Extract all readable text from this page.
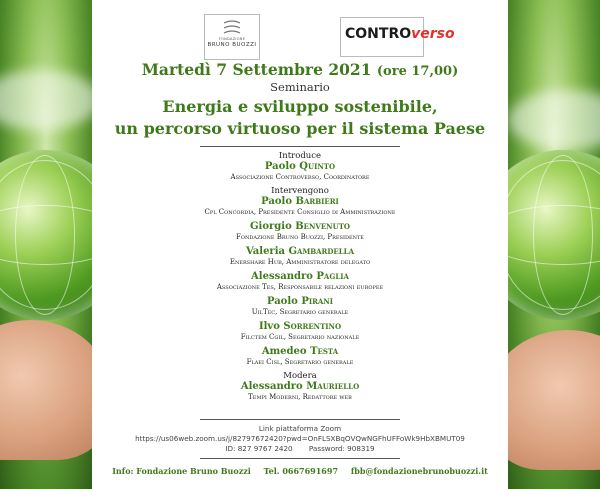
FONDAZIONE
BRUNO BUOZZI
CONTROverso
Martedì 7 Settembre 2021 (ore 17,00)
Seminario
Energia e sviluppo sostenibile,
un percorso virtuoso per il sistema Paese
Introduce
Paolo Quinto
Associazione Controverso, Coordinatore
Intervengono
Paolo Barbieri
Cpl Concordia, Presidente Consiglio di Amministrazione
Giorgio Benvenuto
Fondazione Bruno Buozzi, Presidente
Valeria Gambardella
Enershare Hub, Amministratore delegato
Alessandro Paglia
Associazione Tes, Responsabile relazioni europee
Paolo Pirani
UilTec, Segretario generale
Ilvo Sorrentino
Filctem Cgil, Segretario nazionale
Amedeo Testa
Flaei Cisl, Segretario generale
Modera
Alessandro Mauriello
Tempi Moderni, Redattore web
Link piattaforma Zoom
https://us06web.zoom.us/j/82797672420?pwd=OnFLSXBqOVQwNGFhUFFoWk9HbXBMUT09
ID: 827 9767 2420 Password: 908319
Info: Fondazione Bruno Buozzi Tel. 0667691697 fbb@fondazionebrunobuozzi.it
